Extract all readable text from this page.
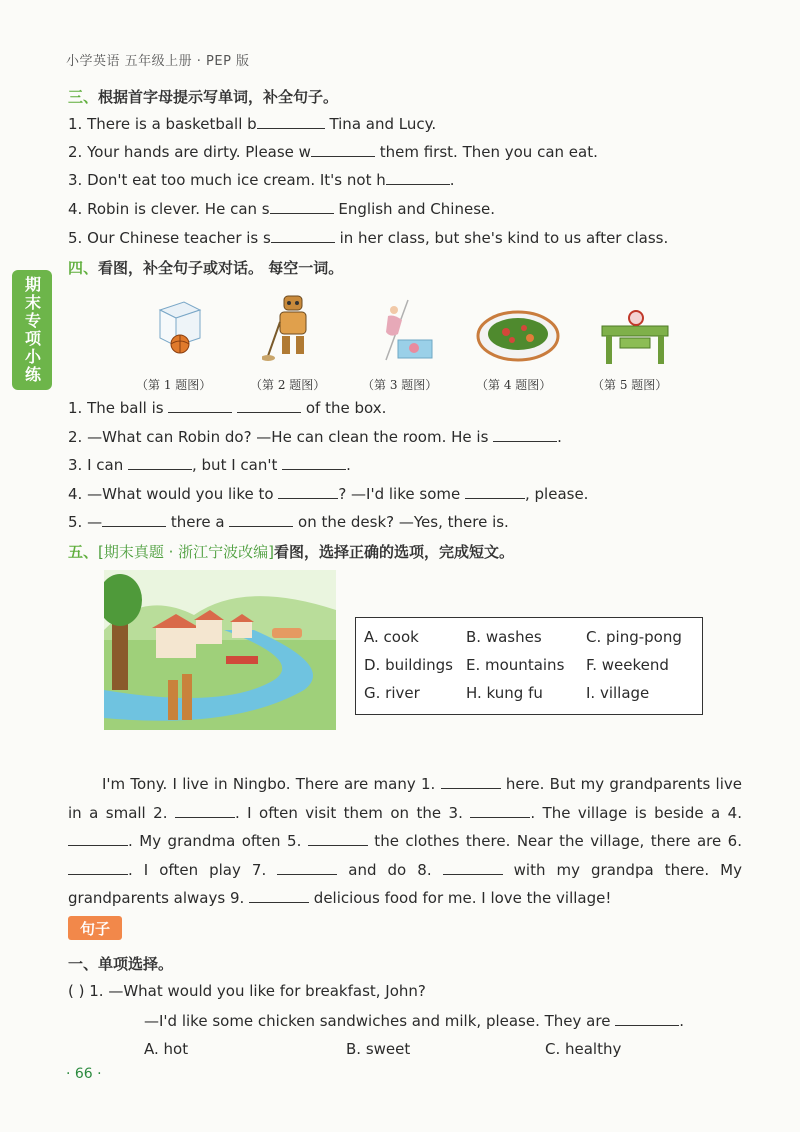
小学英语 五年级上册 · PEP 版
期末专项小练
三、根据首字母提示写单词，补全句子。
1. There is a basketball b	Tina and Lucy.
2. Your hands are dirty. Please w	them first. Then you can eat.
3. Don't eat too much ice cream. It's not h	.
4. Robin is clever. He can s	English and Chinese.
5. Our Chinese teacher is s	in her class, but she's kind to us after class.
四、看图，补全句子或对话。 每空一词。
（第 1 题图）	（第 2 题图）	（第 3 题图）	（第 4 题图）	（第 5 题图）
1. The ball is	of the box.
2. —What can Robin do? —He can clean the room. He is	.
3. I can	, but I can't	.
4. —What would you like to	? —I'd like some	, please.
5. —	there a	on the desk? —Yes, there is.
五、[期末真题 · 浙江宁波改编]看图，选择正确的选项，完成短文。
A. cook	B. washes	C. ping-pong
D. buildings E. mountains F. weekend
G. river	H. kung fu	I. village
I'm Tony. I live in Ningbo. There are many 1.	here. But my grandparents live in a small 2.	. I often visit them on the 3.	. The village is beside a 4. . My grandma often 5.	the clothes there. Near the village, there are 6. . I often play 7.	and do 8.	with my grandpa there. My grandparents always 9.	delicious food for me. I love the village!
句子
一、单项选择。
( ) 1. —What would you like for breakfast, John?
—I'd like some chicken sandwiches and milk, please. They are	.
A. hot	B. sweet	C. healthy
· 66 ·
